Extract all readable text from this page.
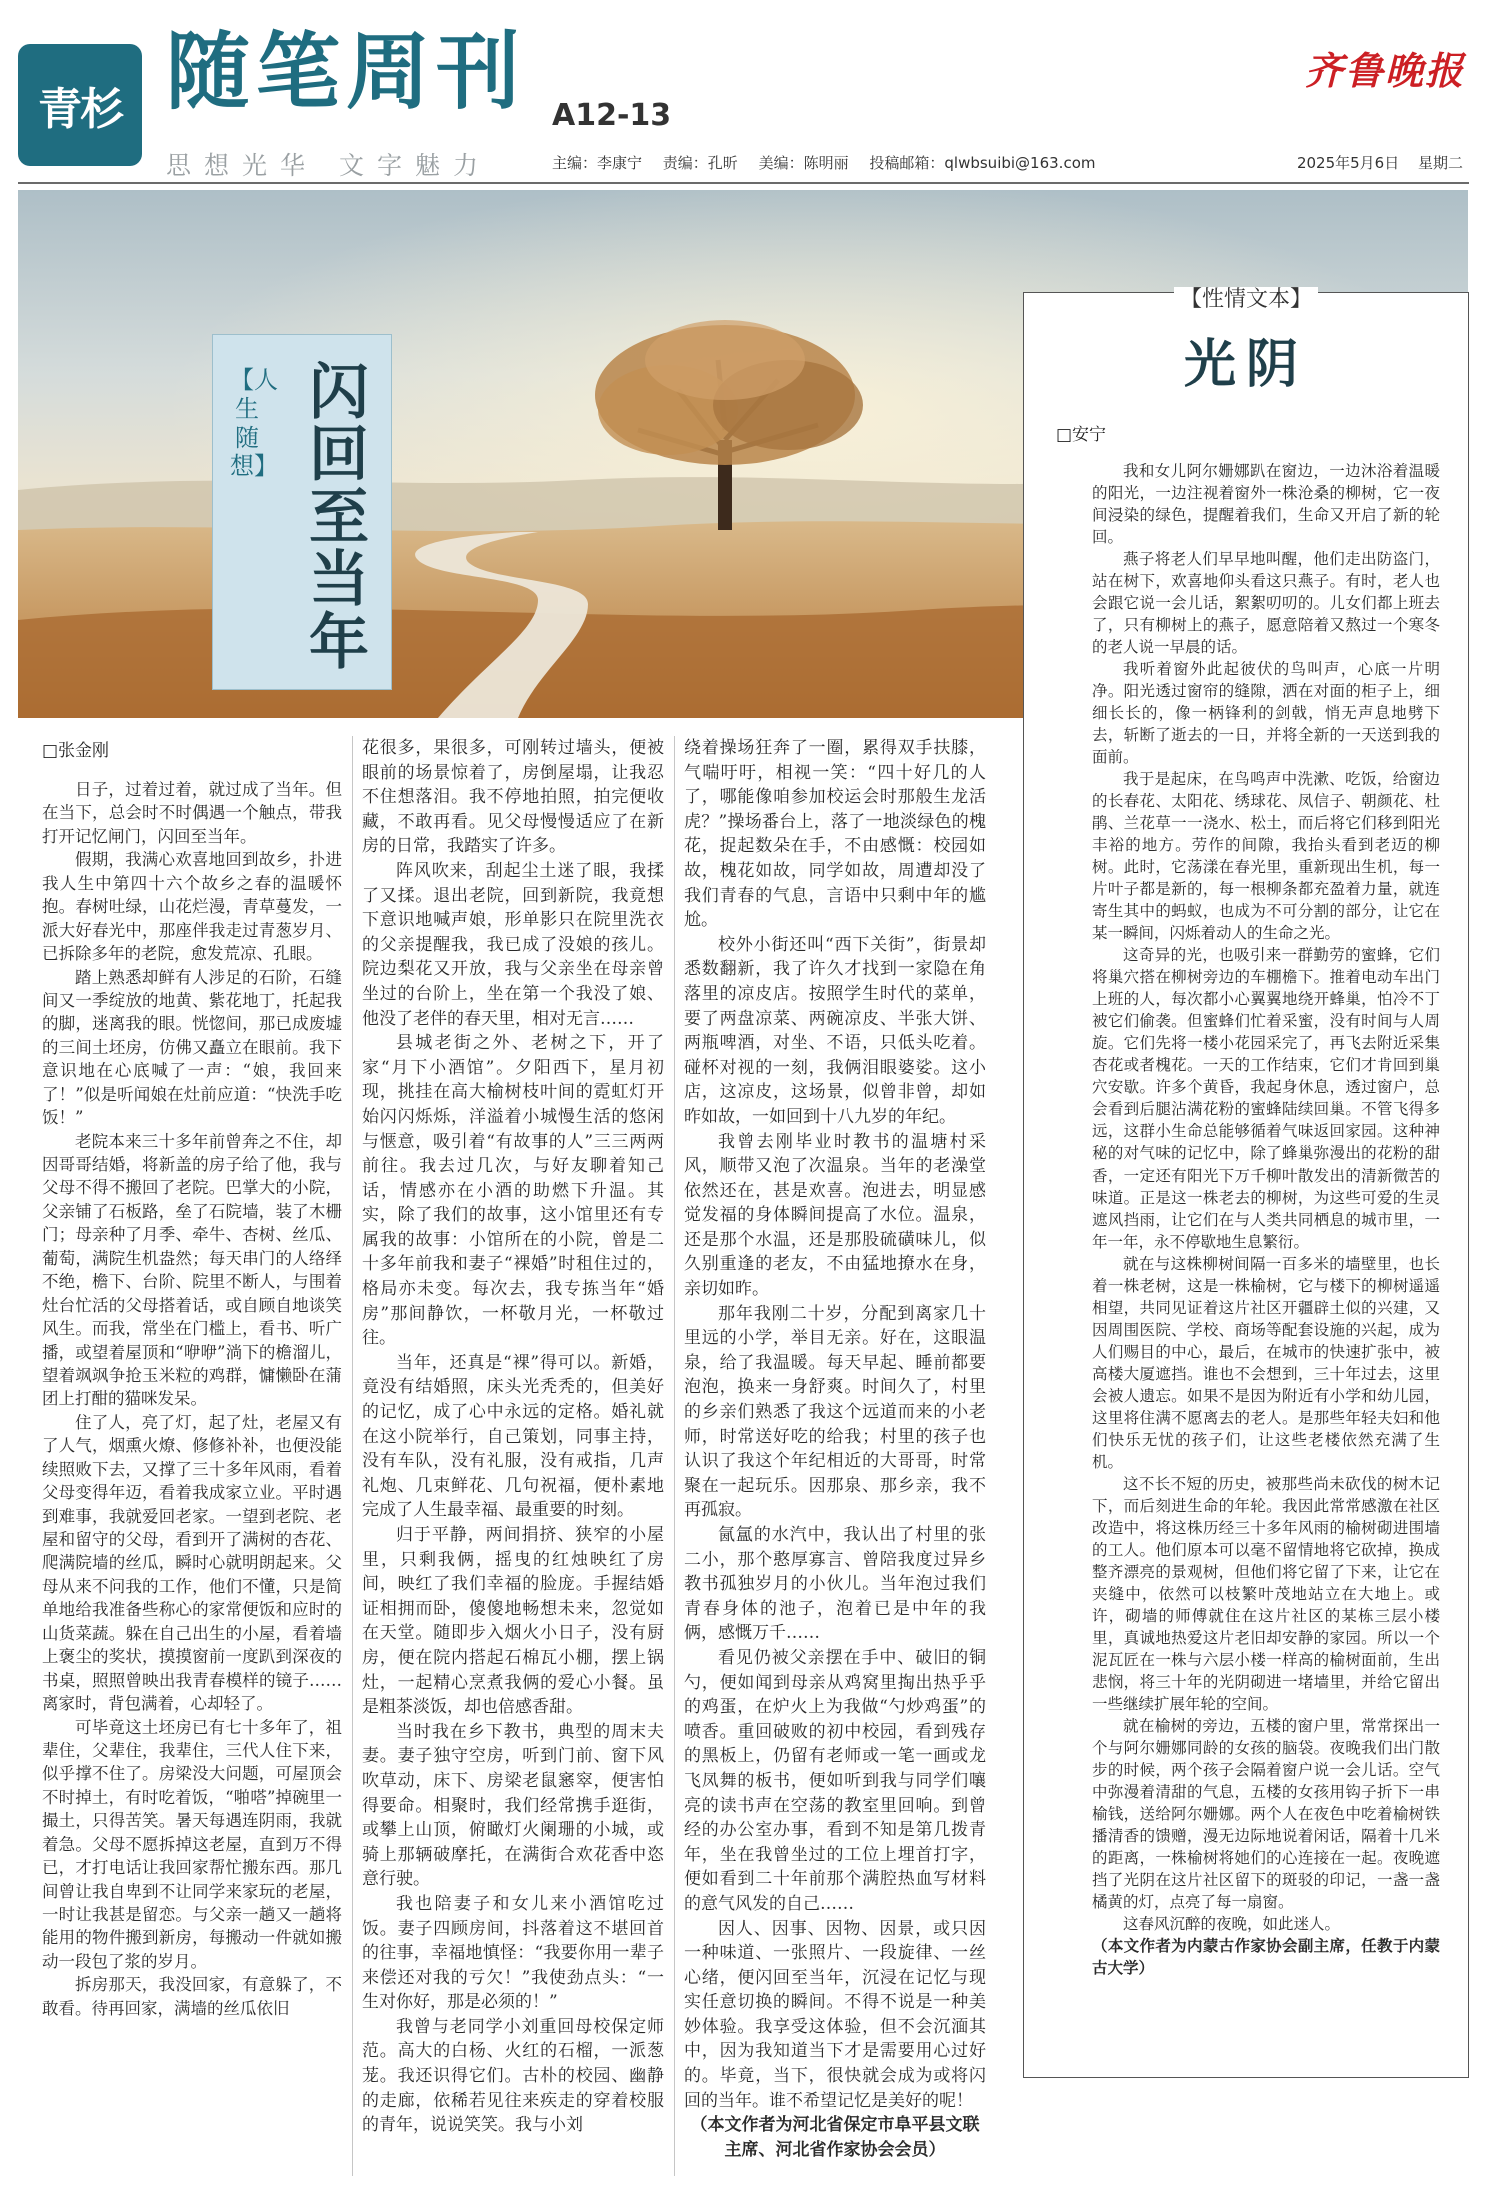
青杉 随笔周刊 A12-13
齐鲁晚报
思想光华 文字魅力	主编：李康宁 责编：孔昕 美编：陈明丽 投稿邮箱：qlwbsuibi@163.com	2025年5月6日 星期二
【人生随想】
闪回至当年
□张金刚

日子，过着过着，就过成了当年。但在当下，总会时不时偶遇一个触点，带我打开记忆闸门，闪回至当年。

假期，我满心欢喜地回到故乡，扑进我人生中第四十六个故乡之春的温暖怀抱。春树吐绿，山花烂漫，青草蔓发，一派大好春光中，那座伴我走过青葱岁月、已拆除多年的老院，愈发荒凉、孔眼。

踏上熟悉却鲜有人涉足的石阶，石缝间又一季绽放的地黄、紫花地丁，托起我的脚，迷离我的眼。恍惚间，那已成废墟的三间土坯房，仿佛又矗立在眼前。我下意识地在心底喊了一声：“娘，我回来了！”似是听闻娘在灶前应道：“快洗手吃饭！”

老院本来三十多年前曾奔之不住，却因哥哥结婚，将新盖的房子给了他，我与父母不得不搬回了老院。巴掌大的小院，父亲铺了石板路，垒了石院墙，装了木栅门；母亲种了月季、牵牛、杏树、丝瓜、葡萄，满院生机盎然；每天串门的人络绎不绝，檐下、台阶、院里不断人，与围着灶台忙活的父母搭着话，或自顾自地谈笑风生。而我，常坐在门槛上，看书、听广播，或望着屋顶和“咿咿”淌下的檐溜儿，望着飒飒争抢玉米粒的鸡群，慵懒卧在蒲团上打酣的猫咪发呆。

住了人，亮了灯，起了灶，老屋又有了人气，烟熏火燎、修修补补，也便没能续照败下去，又撑了三十多年风雨，看着父母变得年迈，看着我成家立业。平时遇到难事，我就爱回老家。一望到老院、老屋和留守的父母，看到开了满树的杏花、爬满院墙的丝瓜，瞬时心就明朗起来。父母从来不问我的工作，他们不懂，只是简单地给我准备些称心的家常便饭和应时的山货菜蔬。躲在自己出生的小屋，看着墙上褒尘的奖状，摸摸窗前一度趴到深夜的书桌，照照曾映出我青春模样的镜子……离家时，背包满着，心却轻了。

可毕竟这土坯房已有七十多年了，祖辈住，父辈住，我辈住，三代人住下来，似乎撑不住了。房梁没大问题，可屋顶会不时掉土，有时吃着饭，“啪嗒”掉碗里一撮土，只得苦笑。暑天每遇连阴雨，我就着急。父母不愿拆掉这老屋，直到万不得已，才打电话让我回家帮忙搬东西。那几间曾让我自卑到不让同学来家玩的老屋，一时让我甚是留恋。与父亲一趟又一趟将能用的物件搬到新房，每搬动一件就如搬动一段包了浆的岁月。

拆房那天，我没回家，有意躲了，不敢看。待再回家，满墙的丝瓜依旧

花很多，果很多，可刚转过墙头，便被眼前的场景惊着了，房倒屋塌，让我忍不住想落泪。我不停地拍照，拍完便收藏，不敢再看。见父母慢慢适应了在新房的日常，我踏实了许多。

阵风吹来，刮起尘土迷了眼，我揉了又揉。退出老院，回到新院，我竟想下意识地喊声娘，形单影只在院里洗衣的父亲提醒我，我已成了没娘的孩儿。院边梨花又开放，我与父亲坐在母亲曾坐过的台阶上，坐在第一个我没了娘、他没了老伴的春天里，相对无言……

县城老街之外、老树之下，开了家“月下小酒馆”。夕阳西下，星月初现，挑挂在高大榆树枝叶间的霓虹灯开始闪闪烁烁，洋溢着小城慢生活的悠闲与惬意，吸引着“有故事的人”三三两两前往。我去过几次，与好友聊着知己话，情感亦在小酒的助燃下升温。其实，除了我们的故事，这小馆里还有专属我的故事：小馆所在的小院，曾是二十多年前我和妻子“裸婚”时租住过的，格局亦未变。每次去，我专拣当年“婚房”那间静饮，一杯敬月光，一杯敬过往。

当年，还真是“裸”得可以。新婚，竟没有结婚照，床头光秃秃的，但美好的记忆，成了心中永远的定格。婚礼就在这小院举行，自己策划，同事主持，没有车队，没有礼服，没有戒指，几声礼炮、几束鲜花、几句祝福，便朴素地完成了人生最幸福、最重要的时刻。

归于平静，两间捐挤、狭窄的小屋里，只剩我俩，摇曳的红烛映红了房间，映红了我们幸福的脸庞。手握结婚证相拥而卧，傻傻地畅想未来，忽觉如在天堂。随即步入烟火小日子，没有厨房，便在院内搭起石棉瓦小棚，摆上锅灶，一起精心烹煮我俩的爱心小餐。虽是粗茶淡饭，却也倍感香甜。

当时我在乡下教书，典型的周末夫妻。妻子独守空房，听到门前、窗下风吹草动，床下、房梁老鼠窸窣，便害怕得要命。相聚时，我们经常携手逛街，或攀上山顶，俯瞰灯火阑珊的小城，或骑上那辆破摩托，在满街合欢花香中恣意行驶。

我也陪妻子和女儿来小酒馆吃过饭。妻子四顾房间，抖落着这不堪回首的往事，幸福地慎怪：“我要你用一辈子来偿还对我的亏欠！”我使劲点头：“一生对你好，那是必须的！”

我曾与老同学小刘重回母校保定师范。高大的白杨、火红的石榴，一派葱茏。我还识得它们。古朴的校园、幽静的走廊，依稀若见往来疾走的穿着校服的青年，说说笑笑。我与小刘

绕着操场狂奔了一圈，累得双手扶膝，气喘吁吁，相视一笑：“四十好几的人了，哪能像咱参加校运会时那般生龙活虎？”操场番台上，落了一地淡绿色的槐花，捉起数朵在手，不由感慨：校园如故，槐花如故，同学如故，周遭却没了我们青春的气息，言语中只剩中年的尴尬。

校外小街还叫“西下关街”，街景却悉数翻新，我了许久才找到一家隐在角落里的凉皮店。按照学生时代的菜单，要了两盘凉菜、两碗凉皮、半张大饼、两瓶啤酒，对坐、不语，只低头吃着。碰杯对视的一刻，我俩泪眼婆娑。这小店，这凉皮，这场景，似曾非曾，却如昨如故，一如回到十八九岁的年纪。

我曾去刚毕业时教书的温塘村采风，顺带又泡了次温泉。当年的老澡堂依然还在，甚是欢喜。泡进去，明显感觉发福的身体瞬间提高了水位。温泉，还是那个水温，还是那股硫磺味儿，似久别重逢的老友，不由猛地撩水在身，亲切如昨。

那年我刚二十岁，分配到离家几十里远的小学，举目无亲。好在，这眼温泉，给了我温暖。每天早起、睡前都要泡泡，换来一身舒爽。时间久了，村里的乡亲们熟悉了我这个远道而来的小老师，时常送好吃的给我；村里的孩子也认识了我这个年纪相近的大哥哥，时常聚在一起玩乐。因那泉、那乡亲，我不再孤寂。

氤氲的水汽中，我认出了村里的张二小，那个憨厚寡言、曾陪我度过异乡教书孤独岁月的小伙儿。当年泡过我们青春身体的池子，泡着已是中年的我俩，感慨万千……

看见仍被父亲摆在手中、破旧的铜勺，便如闻到母亲从鸡窝里掏出热乎乎的鸡蛋，在炉火上为我做“勺炒鸡蛋”的喷香。重回破败的初中校园，看到残存的黑板上，仍留有老师或一笔一画或龙飞凤舞的板书，便如听到我与同学们嚷亮的读书声在空荡的教室里回响。到曾经的办公室办事，看到不知是第几拨青年，坐在我曾坐过的工位上埋首打字，便如看到二十年前那个满腔热血写材料的意气风发的自己……

因人、因事、因物、因景，或只因一种味道、一张照片、一段旋律、一丝心绪，便闪回至当年，沉浸在记忆与现实任意切换的瞬间。不得不说是一种美妙体验。我享受这体验，但不会沉湎其中，因为我知道当下才是需要用心过好的。毕竟，当下，很快就会成为或将闪回的当年。谁不希望记忆是美好的呢！

（本文作者为河北省保定市阜平县文联主席、河北省作家协会会员）

【性情文本】
光阴
□安宁

我和女儿阿尔姗娜趴在窗边，一边沐浴着温暖的阳光，一边注视着窗外一株沧桑的柳树，它一夜间浸染的绿色，提醒着我们，生命又开启了新的轮回。

燕子将老人们早早地叫醒，他们走出防盗门，站在树下，欢喜地仰头看这只燕子。有时，老人也会跟它说一会儿话，絮絮叨叨的。儿女们都上班去了，只有柳树上的燕子，愿意陪着又熬过一个寒冬的老人说一早晨的话。

我听着窗外此起彼伏的鸟叫声，心底一片明净。阳光透过窗帘的缝隙，洒在对面的柜子上，细细长长的，像一柄锋利的剑戟，悄无声息地劈下去，斩断了逝去的一日，并将全新的一天送到我的面前。

我于是起床，在鸟鸣声中洗漱、吃饭，给窗边的长春花、太阳花、绣球花、凤信子、朝颜花、杜鹃、兰花草一一浇水、松土，而后将它们移到阳光丰裕的地方。劳作的间隙，我抬头看到老迈的柳树。此时，它荡漾在春光里，重新现出生机，每一片叶子都是新的，每一根柳条都充盈着力量，就连寄生其中的蚂蚁，也成为不可分割的部分，让它在某一瞬间，闪烁着动人的生命之光。

这奇异的光，也吸引来一群勤劳的蜜蜂，它们将巢穴搭在柳树旁边的车棚檐下。推着电动车出门上班的人，每次都小心翼翼地绕开蜂巢，怕冷不丁被它们偷袭。但蜜蜂们忙着采蜜，没有时间与人周旋。它们先将一楼小花园采完了，再飞去附近采集杏花或者槐花。一天的工作结束，它们才肯回到巢穴安歇。许多个黄昏，我起身休息，透过窗户，总会看到后腿沾满花粉的蜜蜂陆续回巢。不管飞得多远，这群小生命总能够循着气味返回家园。这种神秘的对气味的记忆中，除了蜂巢弥漫出的花粉的甜香，一定还有阳光下万千柳叶散发出的清新微苦的味道。正是这一株老去的柳树，为这些可爱的生灵遮风挡雨，让它们在与人类共同栖息的城市里，一年一年，永不停歇地生息繁衍。

就在与这株柳树间隔一百多米的墙壁里，也长着一株老树，这是一株榆树，它与楼下的柳树遥遥相望，共同见证着这片社区开疆辟土似的兴建，又因周围医院、学校、商场等配套设施的兴起，成为人们赐目的中心，最后，在城市的快速扩张中，被高楼大厦遮挡。谁也不会想到，三十年过去，这里会被人遗忘。如果不是因为附近有小学和幼儿园，这里将住满不愿离去的老人。是那些年轻夫妇和他们快乐无忧的孩子们，让这些老楼依然充满了生机。

这不长不短的历史，被那些尚未砍伐的树木记下，而后刻进生命的年轮。我因此常常感激在社区改造中，将这株历经三十多年风雨的榆树砌进围墙的工人。他们原本可以毫不留情地将它砍掉，换成整齐漂亮的景观树，但他们将它留了下来，让它在夹缝中，依然可以枝繁叶茂地站立在大地上。或许，砌墙的师傅就住在这片社区的某栋三层小楼里，真诚地热爱这片老旧却安静的家园。所以一个泥瓦匠在一株与六层小楼一样高的榆树面前，生出悲悯，将三十年的光阴砌进一堵墙里，并给它留出一些继续扩展年轮的空间。

就在榆树的旁边，五楼的窗户里，常常探出一个与阿尔姗娜同龄的女孩的脑袋。夜晚我们出门散步的时候，两个孩子会隔着窗户说一会儿话。空气中弥漫着清甜的气息，五楼的女孩用钩子折下一串榆钱，送给阿尔姗娜。两个人在夜色中吃着榆树铁播清香的馈赠，漫无边际地说着闲话，隔着十几米的距离，一株榆树将她们的心连接在一起。夜晚遮挡了光阴在这片社区留下的斑驳的印记，一盏一盏橘黄的灯，点亮了每一扇窗。

这春风沉醉的夜晚，如此迷人。

（本文作者为内蒙古作家协会副主席，任教于内蒙古大学）
